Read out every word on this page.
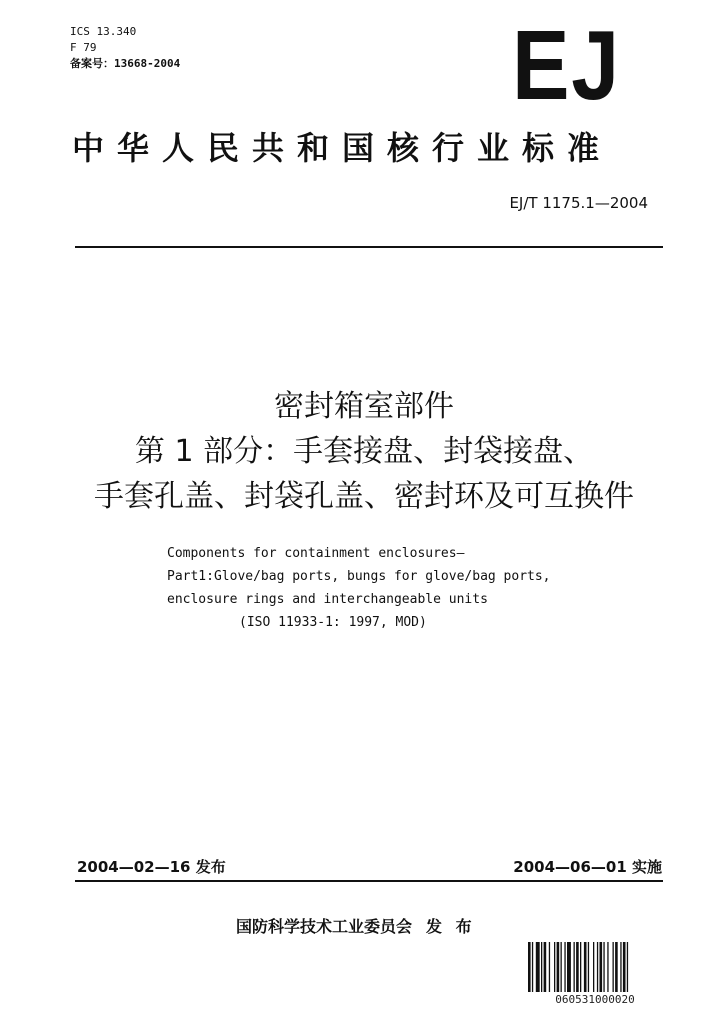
ICS 13.340
F 79
备案号：13668-2004	EJ
中华人民共和国核行业标准
EJ/T 1175.1—2004
密封箱室部件
第 1 部分：手套接盘、封袋接盘、
手套孔盖、封袋孔盖、密封环及可互换件
Components for containment enclosures—
Part1:Glove/bag ports, bungs for glove/bag ports,
enclosure rings and interchangeable units
(ISO 11933-1: 1997, MOD)
2004—02—16 发布	2004—06—01 实施
国防科学技术工业委员会 发 布
060531000020
